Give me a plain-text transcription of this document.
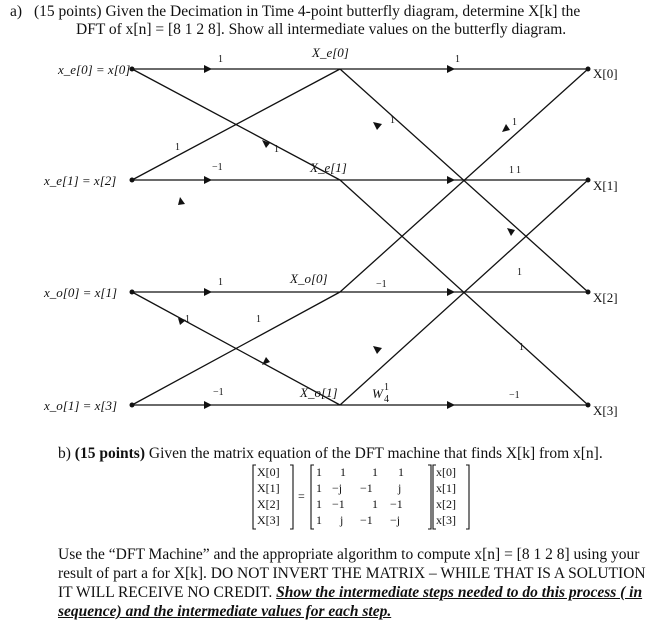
a) (15 points) Given the Decimation in Time 4-point butterfly diagram, determine X[k] the
DFT of x[n] = [8 1 2 8]. Show all intermediate values on the butterfly diagram.
x_e[0] = x[0]
x_e[1] = x[2]
x_o[0] = x[1]
x_o[1] = x[3]
X[0]
X[1]
X[2]
X[3]
X_e[0]
X_e[1]
X_o[0]
X_o[1]
1	1
1	1
1	1
−1	1
1
1	−1
1
1	1
1
−1	−1
W 1
4
b) (15 points) Given the matrix equation of the DFT machine that finds X[k] from x[n].
X[0]
X[1]
X[2]
X[3]
=
1 1 1 1
1 −j −1 j
1 −1 1 −1
1 j −1 −j
x[0]
x[1]
x[2]
x[3]
Use the “DFT Machine” and the appropriate algorithm to compute x[n] = [8 1 2 8] using your
result of part a for X[k]. DO NOT INVERT THE MATRIX – WHILE THAT IS A SOLUTION
IT WILL RECEIVE NO CREDIT. Show the intermediate steps needed to do this process ( in
sequence) and the intermediate values for each step.
